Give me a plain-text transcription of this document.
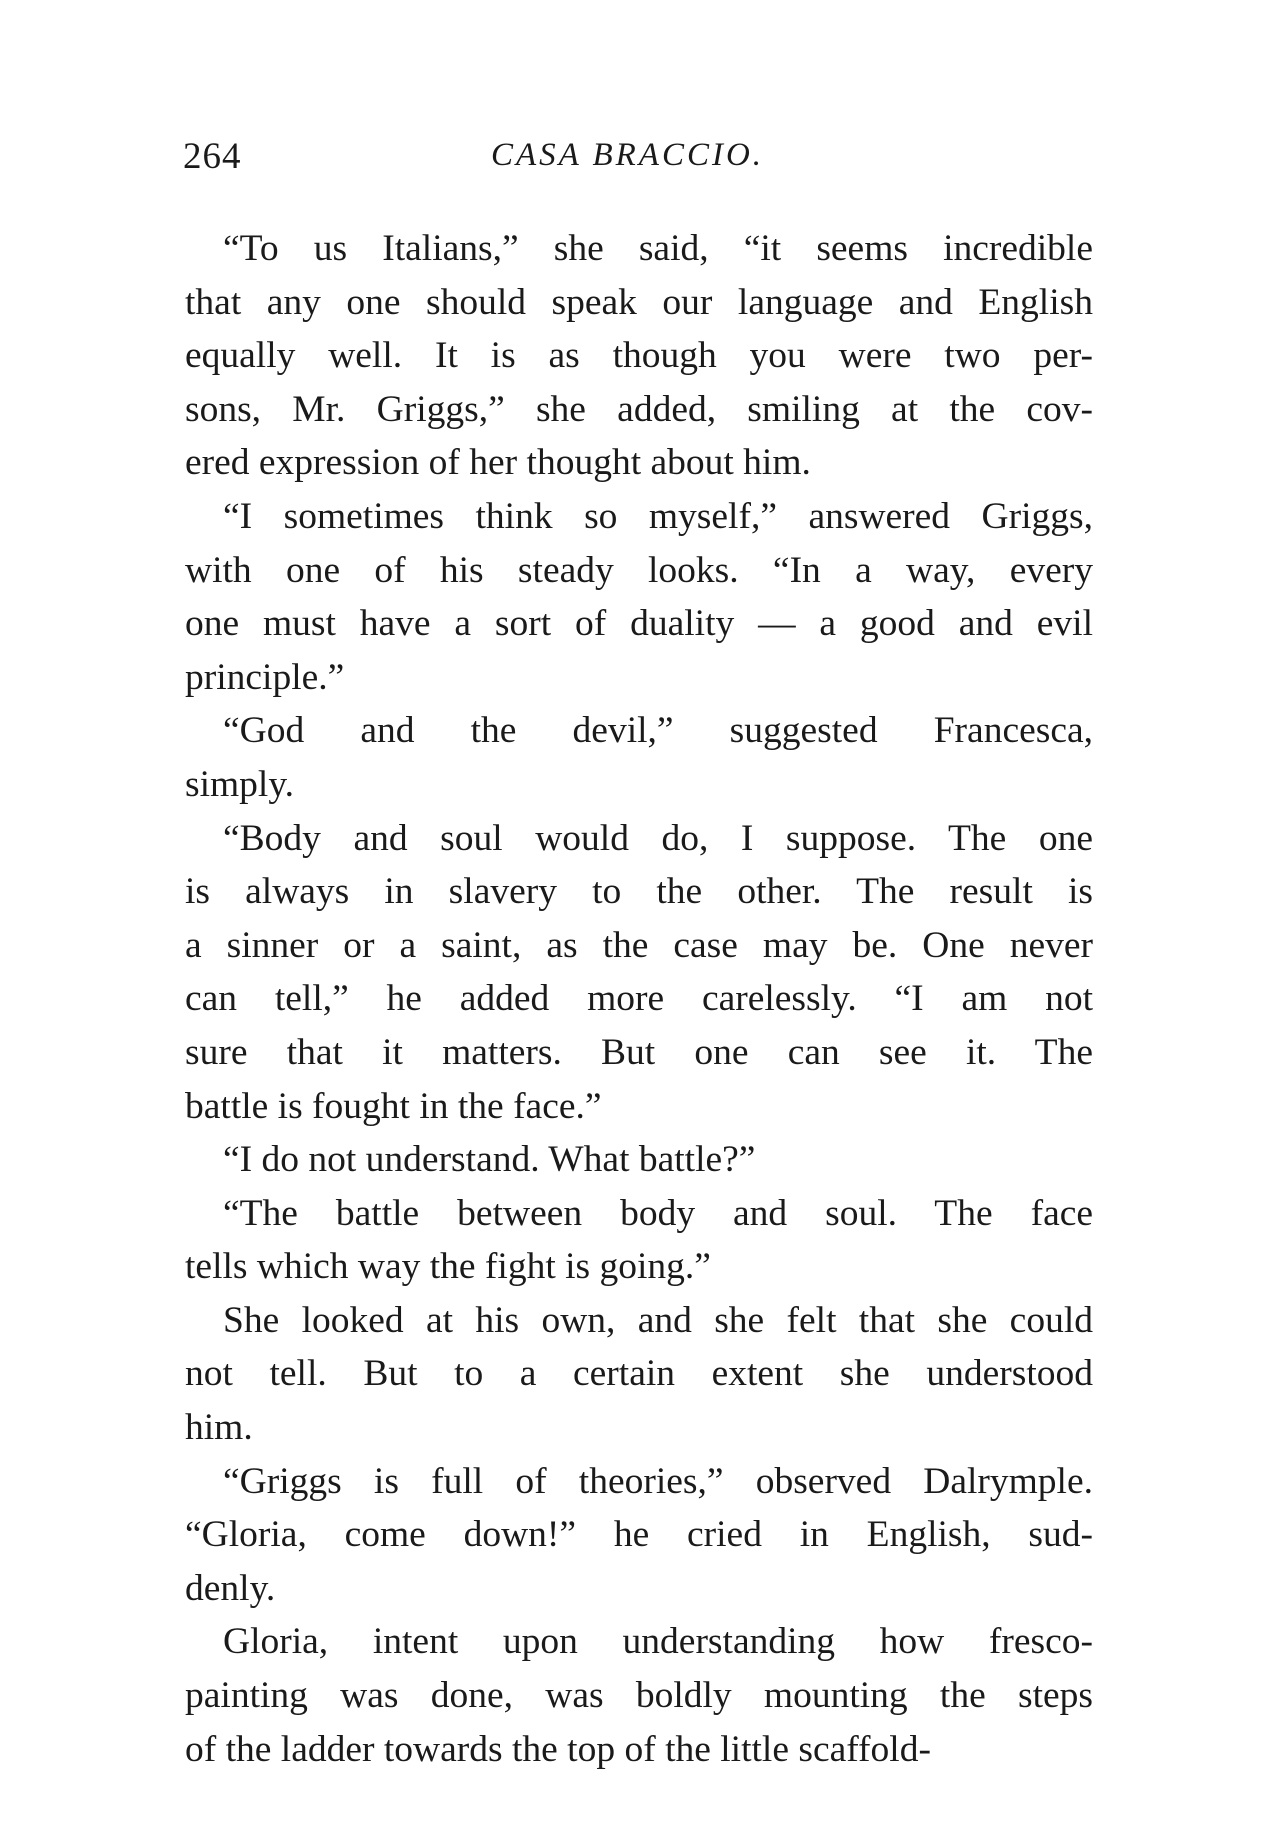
264	CASA BRACCIO.
“To us Italians,” she said, “it seems incredible
that any one should speak our language and English
equally well. It is as though you were two per-
sons, Mr. Griggs,” she added, smiling at the cov-
ered expression of her thought about him.
“I sometimes think so myself,” answered Griggs,
with one of his steady looks. “In a way, every
one must have a sort of duality — a good and evil
principle.”
“God and the devil,” suggested Francesca,
simply.
“Body and soul would do, I suppose. The one
is always in slavery to the other. The result is
a sinner or a saint, as the case may be. One never
can tell,” he added more carelessly. “I am not
sure that it matters. But one can see it. The
battle is fought in the face.”
“I do not understand. What battle?”
“The battle between body and soul. The face
tells which way the fight is going.”
She looked at his own, and she felt that she could
not tell. But to a certain extent she understood
him.
“Griggs is full of theories,” observed Dalrymple.
“Gloria, come down!” he cried in English, sud-
denly.
Gloria, intent upon understanding how fresco-
painting was done, was boldly mounting the steps
of the ladder towards the top of the little scaffold-
